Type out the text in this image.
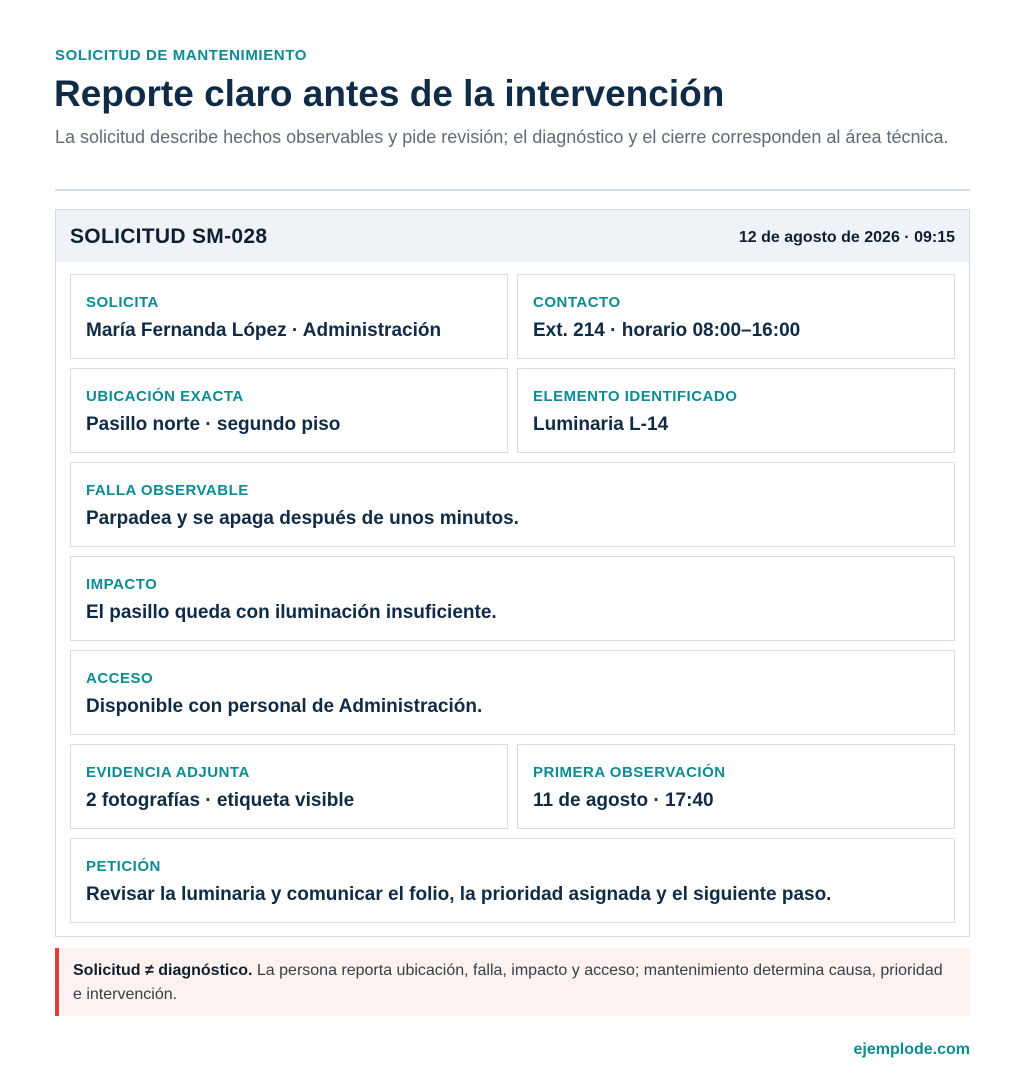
SOLICITUD DE MANTENIMIENTO
Reporte claro antes de la intervención

La solicitud describe hechos observables y pide revisión; el diagnóstico y el cierre corresponden al área técnica.

SOLICITUD SM-028	12 de agosto de 2026 · 09:15
SOLICITA
María Fernanda López · Administración
CONTACTO
Ext. 214 · horario 08:00–16:00
UBICACIÓN EXACTA
Pasillo norte · segundo piso
ELEMENTO IDENTIFICADO
Luminaria L-14
FALLA OBSERVABLE
Parpadea y se apaga después de unos minutos.
IMPACTO
El pasillo queda con iluminación insuficiente.
ACCESO
Disponible con personal de Administración.
EVIDENCIA ADJUNTA
2 fotografías · etiqueta visible
PRIMERA OBSERVACIÓN
11 de agosto · 17:40
PETICIÓN
Revisar la luminaria y comunicar el folio, la prioridad asignada y el siguiente paso.

Solicitud ≠ diagnóstico. La persona reporta ubicación, falla, impacto y acceso; mantenimiento determina causa, prioridad e intervención.

ejemplode.com
